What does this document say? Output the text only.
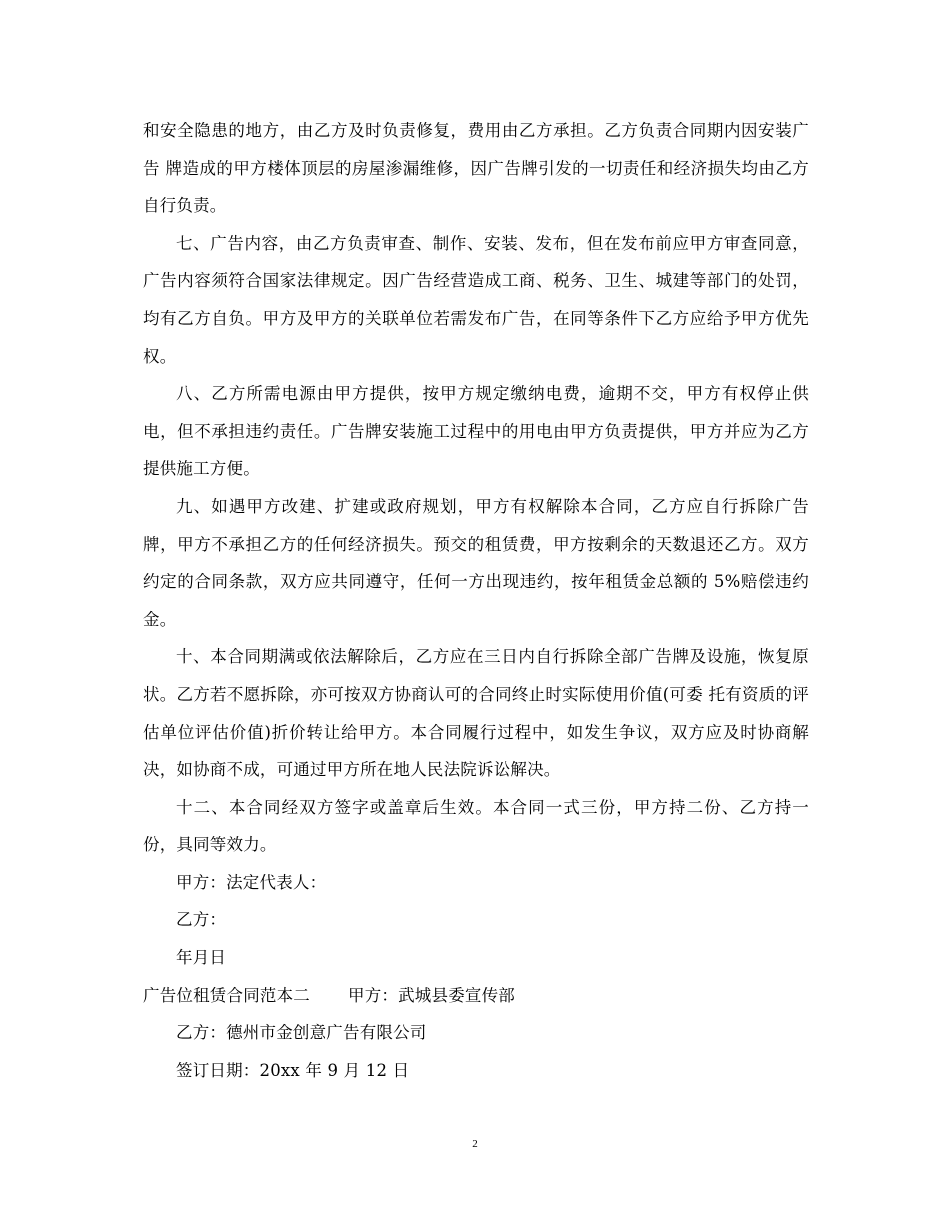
和安全隐患的地方，由乙方及时负责修复，费用由乙方承担。乙方负责合同期内因安装广告 牌造成的甲方楼体顶层的房屋渗漏维修，因广告牌引发的一切责任和经济损失均由乙方自行负责。

七、广告内容，由乙方负责审查、制作、安装、发布，但在发布前应甲方审查同意，广告内容须符合国家法律规定。因广告经营造成工商、税务、卫生、城建等部门的处罚，均有乙方自负。甲方及甲方的关联单位若需发布广告，在同等条件下乙方应给予甲方优先权。

八、乙方所需电源由甲方提供，按甲方规定缴纳电费，逾期不交，甲方有权停止供电，但不承担违约责任。广告牌安装施工过程中的用电由甲方负责提供，甲方并应为乙方提供施工方便。

九、如遇甲方改建、扩建或政府规划，甲方有权解除本合同，乙方应自行拆除广告牌，甲方不承担乙方的任何经济损失。预交的租赁费，甲方按剩余的天数退还乙方。双方约定的合同条款，双方应共同遵守，任何一方出现违约，按年租赁金总额的 5%赔偿违约金。

十、本合同期满或依法解除后，乙方应在三日内自行拆除全部广告牌及设施，恢复原状。乙方若不愿拆除，亦可按双方协商认可的合同终止时实际使用价值(可委 托有资质的评估单位评估价值)折价转让给甲方。本合同履行过程中，如发生争议，双方应及时协商解决，如协商不成，可通过甲方所在地人民法院诉讼解决。

十二、本合同经双方签字或盖章后生效。本合同一式三份，甲方持二份、乙方持一份，具同等效力。

甲方：法定代表人：

乙方：

年月日

广告位租赁合同范本二 甲方：武城县委宣传部

乙方：德州市金创意广告有限公司

签订日期：20xx 年 9 月 12 日

2
